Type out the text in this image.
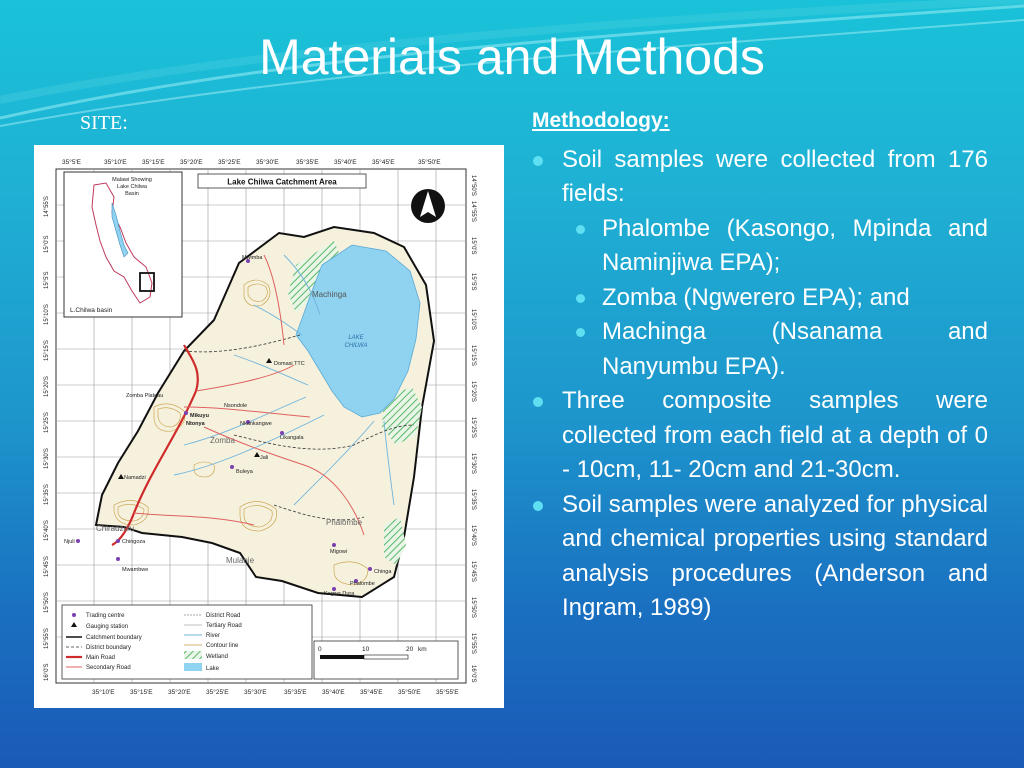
Materials and Methods
SITE:
35°5'E	35°10'E 35°15'E 35°20'E 35°25'E 35°30'E	35°35'E 35°40'E 35°45'E	35°50'E
35°10'E 35°15'E 35°20'E 35°25'E 35°30'E	35°35'E 35°40'E 35°45'E 35°50'E 35°55'E
14°55'S
15°0'S
15°5'S
15°10'S
15°15'S
15°20'S
15°25'S
15°30'S
15°35'S
15°40'S
15°45'S
15°50'S
15°55'S
16°0'S
14°50'S
14°55'S
15°0'S
15°5'S
15°10'S
15°15'S
15°20'S
15°25'S
15°30'S
15°35'S
15°40'S
15°45'S
15°50'S
15°55'S
16°0'S
Malawi Showing
Lake Chilwa
Basin
L.Chilwa basin
Lake Chilwa Catchment Area
LAKE
CHILWA
Mwimba
Machinga
Domasi TTC
Zomba Plateau
Nsondole
Mikuyu
Ntonya	Nkankangwe
Likangala
Zomba
Buleya
Jali
Namadzi
Chiradzulu
Njuli	Chingoza
Mulanje
Phalombe
Migowi
Chinga
Phalombe
Kagwa Dura
Mwambwe
Trading centre
Gauging station
Catchment boundary
District boundary
Main Road
Secondary Road
District Road
Tertiary Road
River
Contour line
Wetland
Lake
0	10	20 km
Methodology:
Soil samples were collected from 176 fields:
Phalombe (Kasongo, Mpinda and Naminjiwa EPA);
Zomba (Ngwerero EPA); and
Machinga (Nsanama and Nanyumbu EPA).
Three composite samples were collected from each field at a depth of 0 - 10cm, 11- 20cm and 21-30cm.
Soil samples were analyzed for physical and chemical properties using standard analysis procedures (Anderson and Ingram, 1989)
